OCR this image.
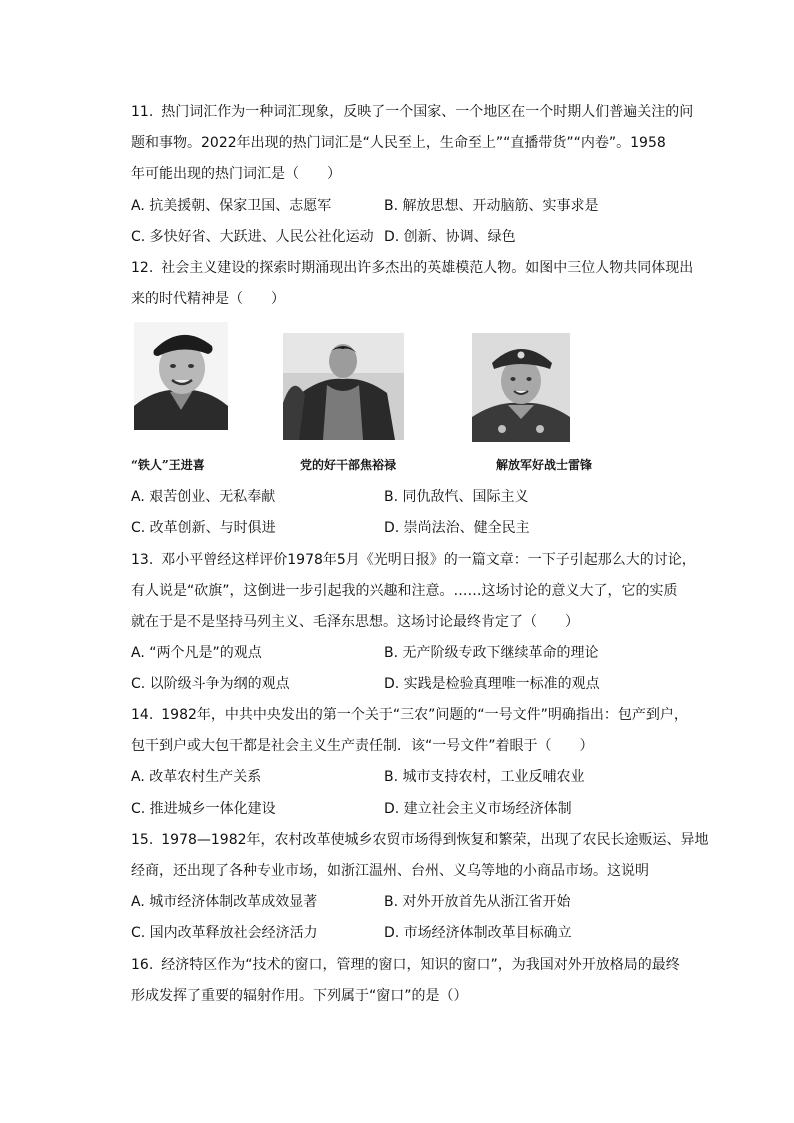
11. 热门词汇作为一种词汇现象，反映了一个国家、一个地区在一个时期人们普遍关注的问
题和事物。2022年出现的热门词汇是“人民至上，生命至上”“直播带货”“内卷”。1958
年可能出现的热门词汇是（　　）
A. 抗美援朝、保家卫国、志愿军	B. 解放思想、开动脑筋、实事求是
C. 多快好省、大跃进、人民公社化运动 D. 创新、协调、绿色
12. 社会主义建设的探索时期涌现出许多杰出的英雄模范人物。如图中三位人物共同体现出
来的时代精神是（　　）
“铁人”王进喜	党的好干部焦裕禄	解放军好战士雷锋
A. 艰苦创业、无私奉献	B. 同仇敌忾、国际主义
C. 改革创新、与时俱进	D. 崇尚法治、健全民主
13. 邓小平曾经这样评价1978年5月《光明日报》的一篇文章：一下子引起那么大的讨论，
有人说是“砍旗”，这倒进一步引起我的兴趣和注意。……这场讨论的意义大了，它的实质
就在于是不是坚持马列主义、毛泽东思想。这场讨论最终肯定了（　　）
A. “两个凡是”的观点	B. 无产阶级专政下继续革命的理论
C. 以阶级斗争为纲的观点	D. 实践是检验真理唯一标准的观点
14. 1982年，中共中央发出的第一个关于“三农”问题的“一号文件”明确指出：包产到户，
包干到户或大包干都是社会主义生产责任制．该“一号文件”着眼于（　　）
A. 改革农村生产关系	B. 城市支持农村，工业反哺农业
C. 推进城乡一体化建设	D. 建立社会主义市场经济体制
15. 1978—1982年，农村改革使城乡农贸市场得到恢复和繁荣，出现了农民长途贩运、异地
经商，还出现了各种专业市场，如浙江温州、台州、义乌等地的小商品市场。这说明
A. 城市经济体制改革成效显著	B. 对外开放首先从浙江省开始
C. 国内改革释放社会经济活力	D. 市场经济体制改革目标确立
16. 经济特区作为“技术的窗口，管理的窗口，知识的窗口”，为我国对外开放格局的最终
形成发挥了重要的辐射作用。下列属于“窗口”的是（）
